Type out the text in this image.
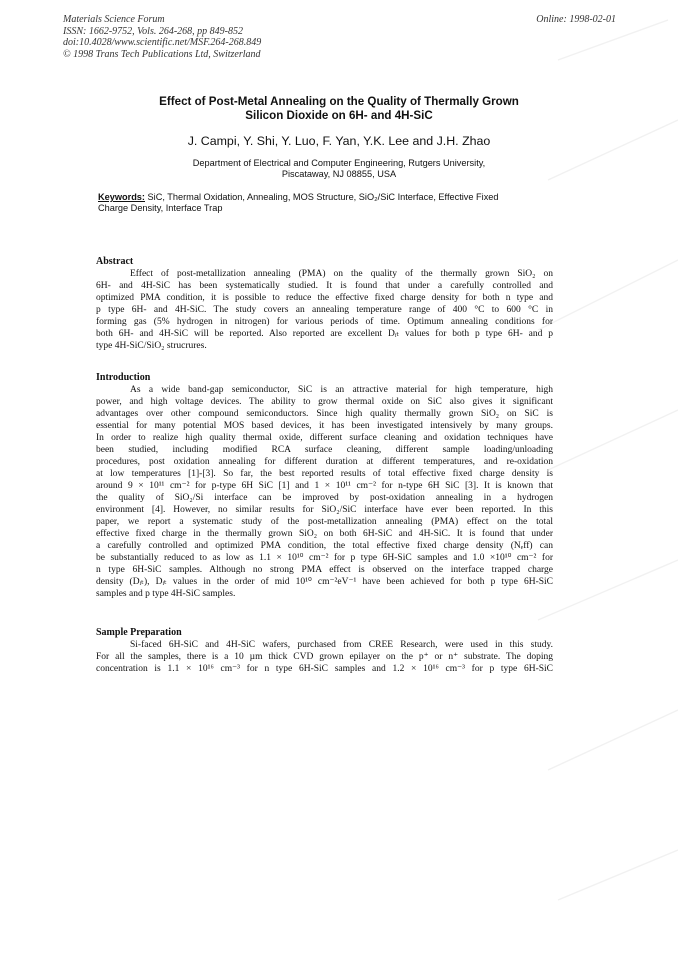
Materials Science Forum
ISSN: 1662-9752, Vols. 264-268, pp 849-852
doi:10.4028/www.scientific.net/MSF.264-268.849
© 1998 Trans Tech Publications Ltd, Switzerland
Online: 1998-02-01
Effect of Post-Metal Annealing on the Quality of Thermally Grown
Silicon Dioxide on 6H- and 4H-SiC
J. Campi, Y. Shi, Y. Luo, F. Yan, Y.K. Lee and J.H. Zhao
Department of Electrical and Computer Engineering, Rutgers University,
Piscataway, NJ 08855, USA
Keywords: SiC, Thermal Oxidation, Annealing, MOS Structure, SiO₂/SiC Interface, Effective Fixed
Charge Density, Interface Trap
Abstract
Effect of post-metallization annealing (PMA) on the quality of the thermally grown SiO₂ on
6H- and 4H-SiC has been systematically studied. It is found that under a carefully controlled and
optimized PMA condition, it is possible to reduce the effective fixed charge density for both n type and
p type 6H- and 4H-SiC. The study covers an annealing temperature range of 400 °C to 600 °C in
forming gas (5% hydrogen in nitrogen) for various periods of time. Optimum annealing conditions for
both 6H- and 4H-SiC will be reported. Also reported are excellent Dᵢₜ values for both p type 6H- and p
type 4H-SiC/SiO₂ strucrures.
Introduction
As a wide band-gap semiconductor, SiC is an attractive material for high temperature, high
power, and high voltage devices. The ability to grow thermal oxide on SiC also gives it significant
advantages over other compound semiconductors. Since high quality thermally grown SiO₂ on SiC is
essential for many potential MOS based devices, it has been investigated intensively by many groups.
In order to realize high quality thermal oxide, different surface cleaning and oxidation techniques have
been studied, including modified RCA surface cleaning, different sample loading/unloading
procedures, post oxidation annealing for different duration at different temperatures, and re-oxidation
at low temperatures [1]-[3]. So far, the best reported results of total effective fixed charge density is
around 9 × 10¹¹ cm⁻² for p-type 6H SiC [1] and 1 × 10¹¹ cm⁻² for n-type 6H SiC [3]. It is known that
the quality of SiO₂/Si interface can be improved by post-oxidation annealing in a hydrogen
environment [4]. However, no similar results for SiO₂/SiC interface have ever been reported. In this
paper, we report a systematic study of the post-metallization annealing (PMA) effect on the total
effective fixed charge in the thermally grown SiO₂ on both 6H-SiC and 4H-SiC. It is found that under
a carefully controlled and optimized PMA condition, the total effective fixed charge density (Nₑff) can
be substantially reduced to as low as 1.1 × 10¹⁰ cm⁻² for p type 6H-SiC samples and 1.0 ×10¹⁰ cm⁻² for
n type 6H-SiC samples. Although no strong PMA effect is observed on the interface trapped charge
density (Dᵢₜ), Dᵢₜ values in the order of mid 10¹⁰ cm⁻²eV⁻¹ have been achieved for both p type 6H-SiC
samples and p type 4H-SiC samples.
Sample Preparation
Si-faced 6H-SiC and 4H-SiC wafers, purchased from CREE Research, were used in this study.
For all the samples, there is a 10 µm thick CVD grown epilayer on the p⁺ or n⁺ substrate. The doping
concentration is 1.1 × 10¹⁶ cm⁻³ for n type 6H-SiC samples and 1.2 × 10¹⁶ cm⁻³ for p type 6H-SiC
